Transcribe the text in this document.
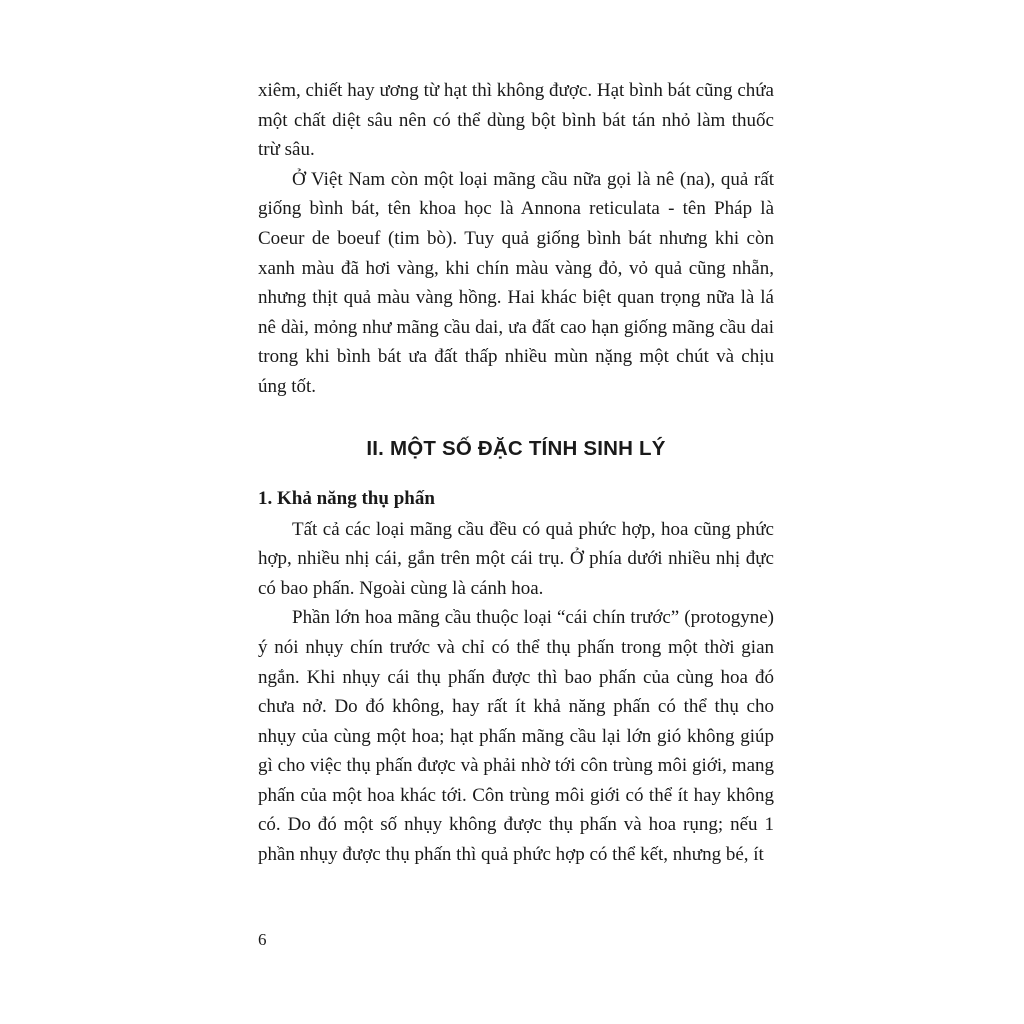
xiêm, chiết hay ương từ hạt thì không được. Hạt bình bát cũng chứa một chất diệt sâu nên có thể dùng bột bình bát tán nhỏ làm thuốc trừ sâu.

Ở Việt Nam còn một loại mãng cầu nữa gọi là nê (na), quả rất giống bình bát, tên khoa học là Annona reticulata - tên Pháp là Coeur de boeuf (tim bò). Tuy quả giống bình bát nhưng khi còn xanh màu đã hơi vàng, khi chín màu vàng đỏ, vỏ quả cũng nhẵn, nhưng thịt quả màu vàng hồng. Hai khác biệt quan trọng nữa là lá nê dài, mỏng như mãng cầu dai, ưa đất cao hạn giống mãng cầu dai trong khi bình bát ưa đất thấp nhiều mùn nặng một chút và chịu úng tốt.

II. MỘT SỐ ĐẶC TÍNH SINH LÝ
1. Khả năng thụ phấn

Tất cả các loại mãng cầu đều có quả phức hợp, hoa cũng phức hợp, nhiều nhị cái, gắn trên một cái trụ. Ở phía dưới nhiều nhị đực có bao phấn. Ngoài cùng là cánh hoa.

Phần lớn hoa mãng cầu thuộc loại “cái chín trước” (protogyne) ý nói nhụy chín trước và chỉ có thể thụ phấn trong một thời gian ngắn. Khi nhụy cái thụ phấn được thì bao phấn của cùng hoa đó chưa nở. Do đó không, hay rất ít khả năng phấn có thể thụ cho nhụy của cùng một hoa; hạt phấn mãng cầu lại lớn gió không giúp gì cho việc thụ phấn được và phải nhờ tới côn trùng môi giới, mang phấn của một hoa khác tới. Côn trùng môi giới có thể ít hay không có. Do đó một số nhụy không được thụ phấn và hoa rụng; nếu 1 phần nhụy được thụ phấn thì quả phức hợp có thể kết, nhưng bé, ít

6
